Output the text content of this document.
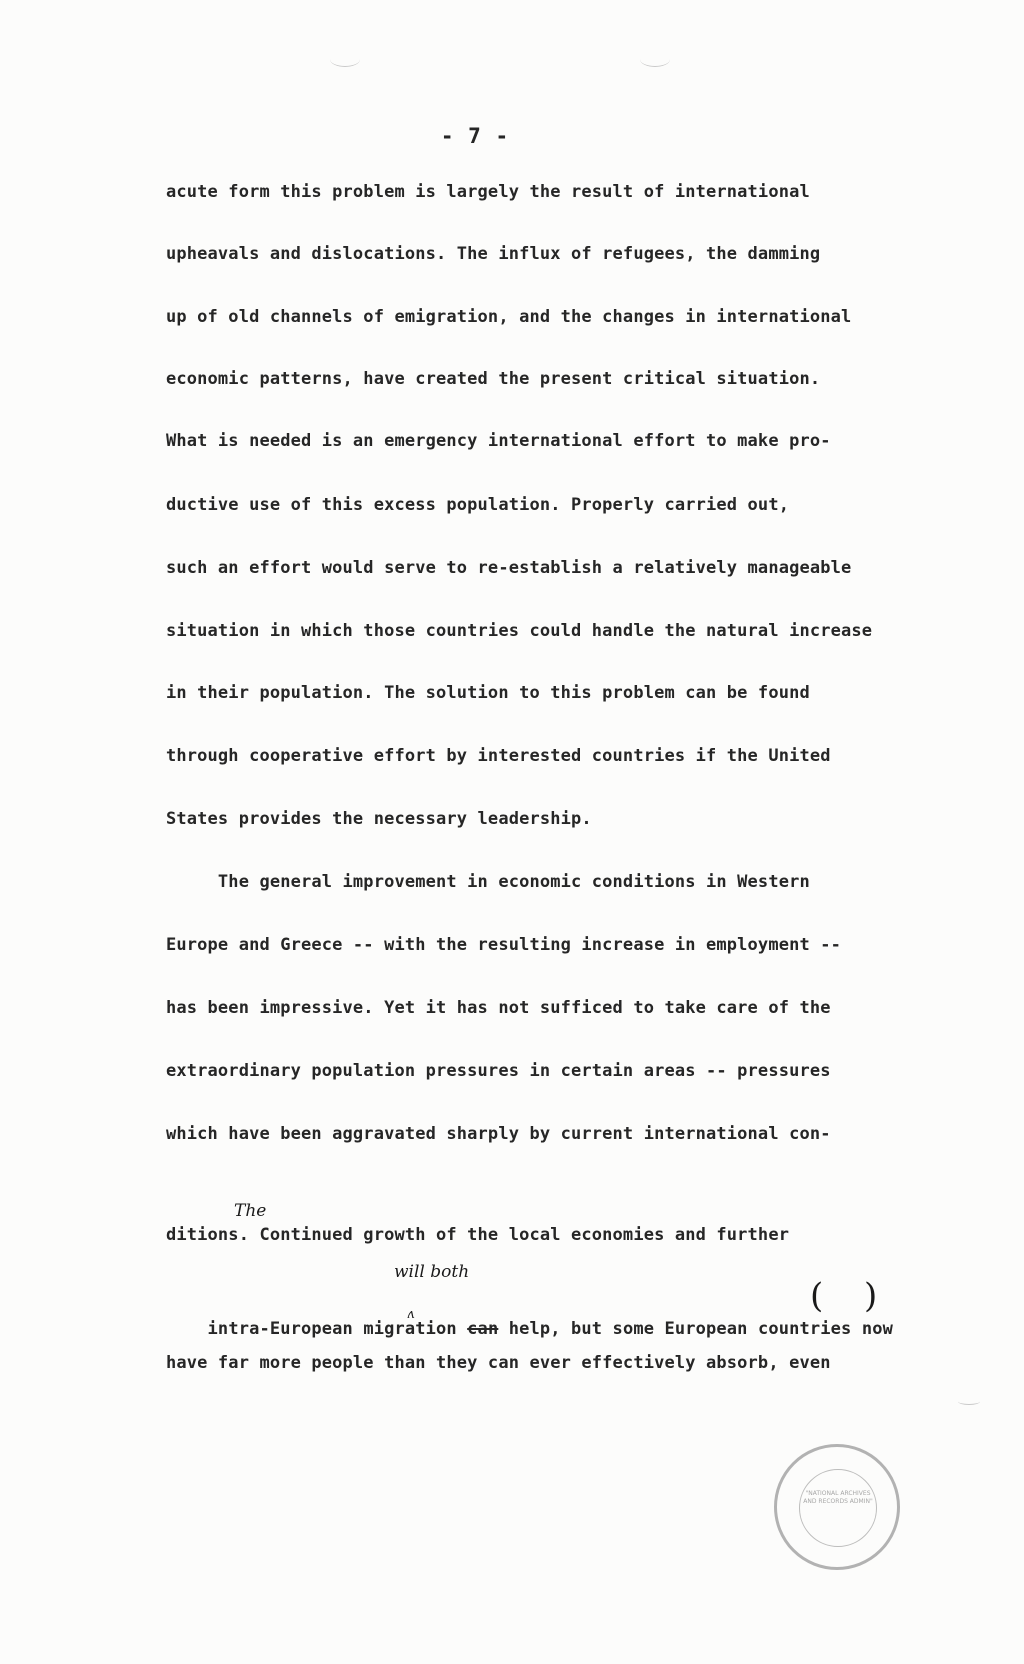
- 7 -
acute form this problem is largely the result of international
upheavals and dislocations. The influx of refugees, the damming
up of old channels of emigration, and the changes in international
economic patterns, have created the present critical situation.
What is needed is an emergency international effort to make pro-
ductive use of this excess population. Properly carried out,
such an effort would serve to re-establish a relatively manageable
situation in which those countries could handle the natural increase
in their population. The solution to this problem can be found
through cooperative effort by interested countries if the United
States provides the necessary leadership.
The general improvement in economic conditions in Western
Europe and Greece -- with the resulting increase in employment --
has been impressive. Yet it has not sufficed to take care of the
extraordinary population pressures in certain areas -- pressures
which have been aggravated sharply by current international con-
ditions. Continued growth of the local economies and further
The

intra-European migration can help, but some European countries now

will both
ʌ	( )
have far more people than they can ever effectively absorb, even
"NATIONAL ARCHIVES AND RECORDS ADMIN"
